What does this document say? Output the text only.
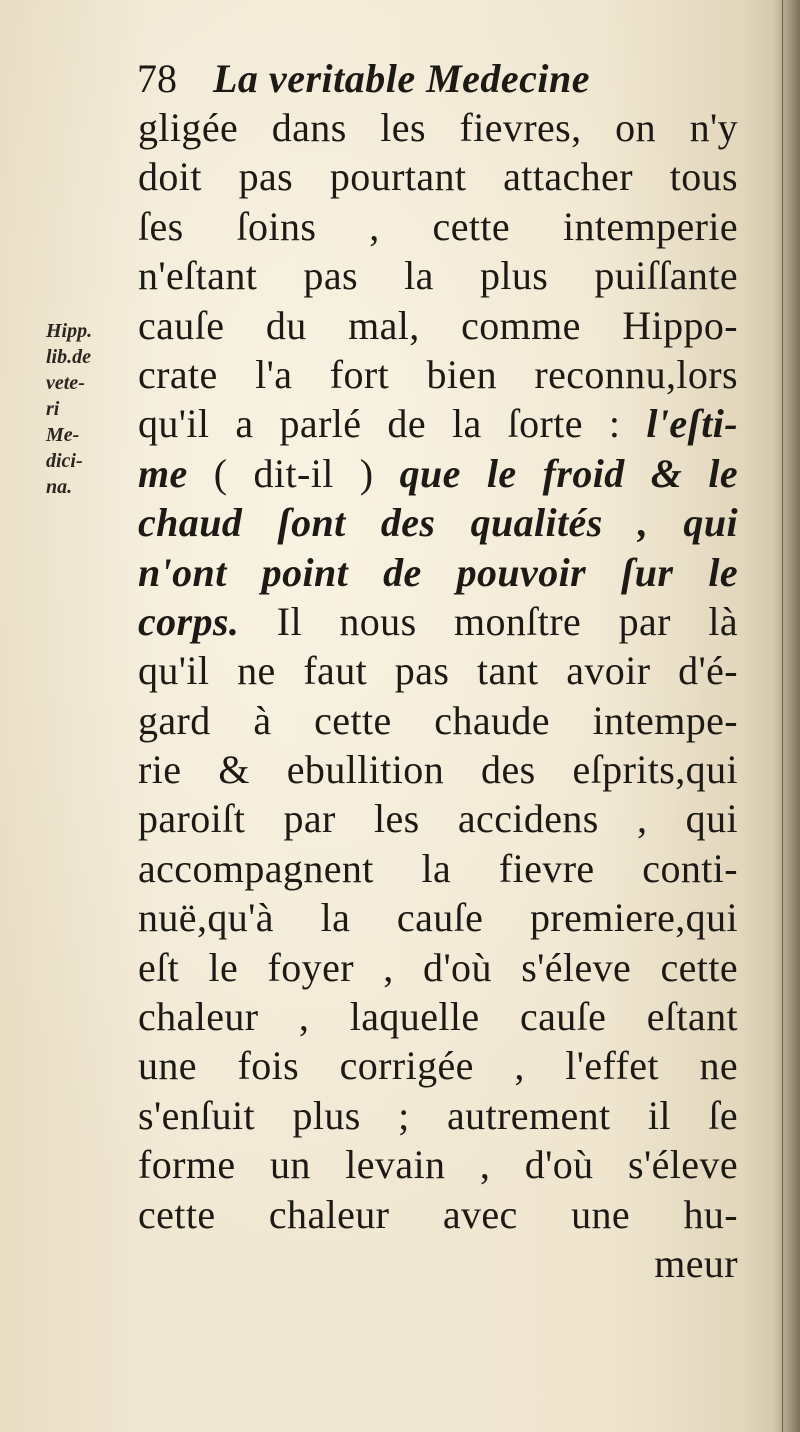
78 La veritable Medecine
Hipp.
lib.de
vete-
ri
Me-
dici-
na.
gligée dans les fievres, on n'y
doit pas pourtant attacher tous
ſes ſoins , cette intemperie
n'eſtant pas la plus puiſſante
cauſe du mal, comme Hippo-
crate l'a fort bien reconnu,lors
qu'il a parlé de la ſorte : l'eſti-
me ( dit-il ) que le froid & le
chaud ſont des qualités , qui
n'ont point de pouvoir ſur le
corps. Il nous monſtre par là
qu'il ne faut pas tant avoir d'é-
gard à cette chaude intempe-
rie & ebullition des eſprits,qui
paroiſt par les accidens , qui
accompagnent la fievre conti-
nuë,qu'à la cauſe premiere,qui
eſt le foyer , d'où s'éleve cette
chaleur , laquelle cauſe eſtant
une fois corrigée , l'effet ne
s'enſuit plus ; autrement il ſe
forme un levain , d'où s'éleve
cette chaleur avec une hu-
meur
